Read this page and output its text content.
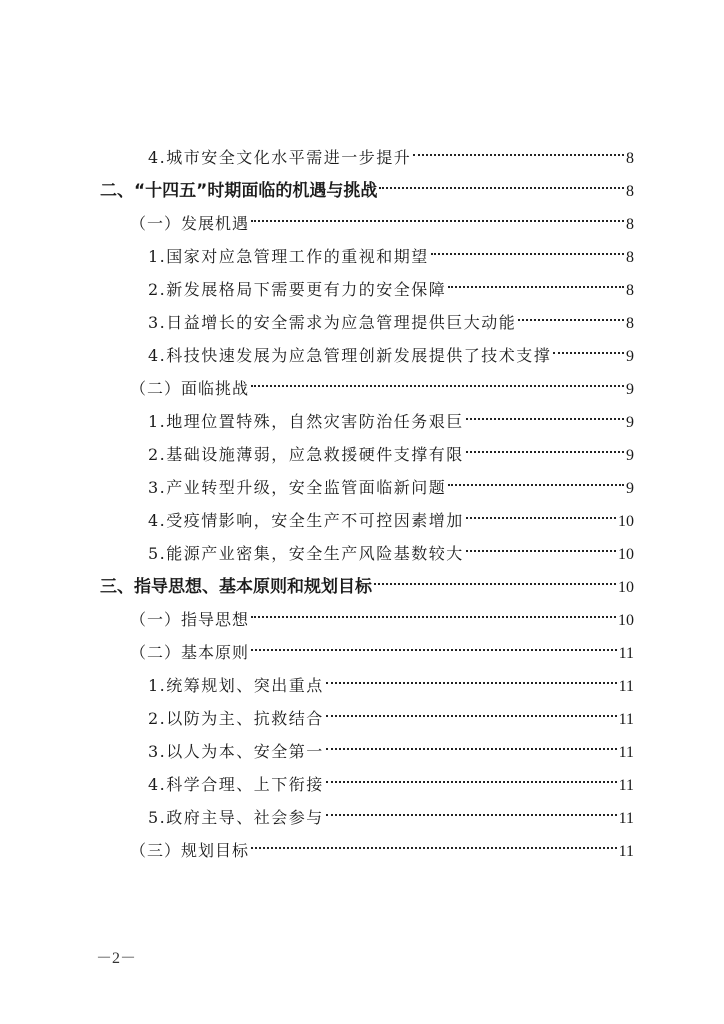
4.城市安全文化水平需进一步提升	8
二、“十四五”时期面临的机遇与挑战	8
（一）发展机遇	8
1.国家对应急管理工作的重视和期望	8
2.新发展格局下需要更有力的安全保障	8
3.日益增长的安全需求为应急管理提供巨大动能	8
4.科技快速发展为应急管理创新发展提供了技术支撑	9
（二）面临挑战	9
1.地理位置特殊，自然灾害防治任务艰巨	9
2.基础设施薄弱，应急救援硬件支撑有限	9
3.产业转型升级，安全监管面临新问题	9
4.受疫情影响，安全生产不可控因素增加	10
5.能源产业密集，安全生产风险基数较大	10
三、指导思想、基本原则和规划目标	10
（一）指导思想	10
（二）基本原则	11
1.统筹规划、突出重点	11
2.以防为主、抗救结合	11
3.以人为本、安全第一	11
4.科学合理、上下衔接	11
5.政府主导、社会参与	11
（三）规划目标	11
－2－
